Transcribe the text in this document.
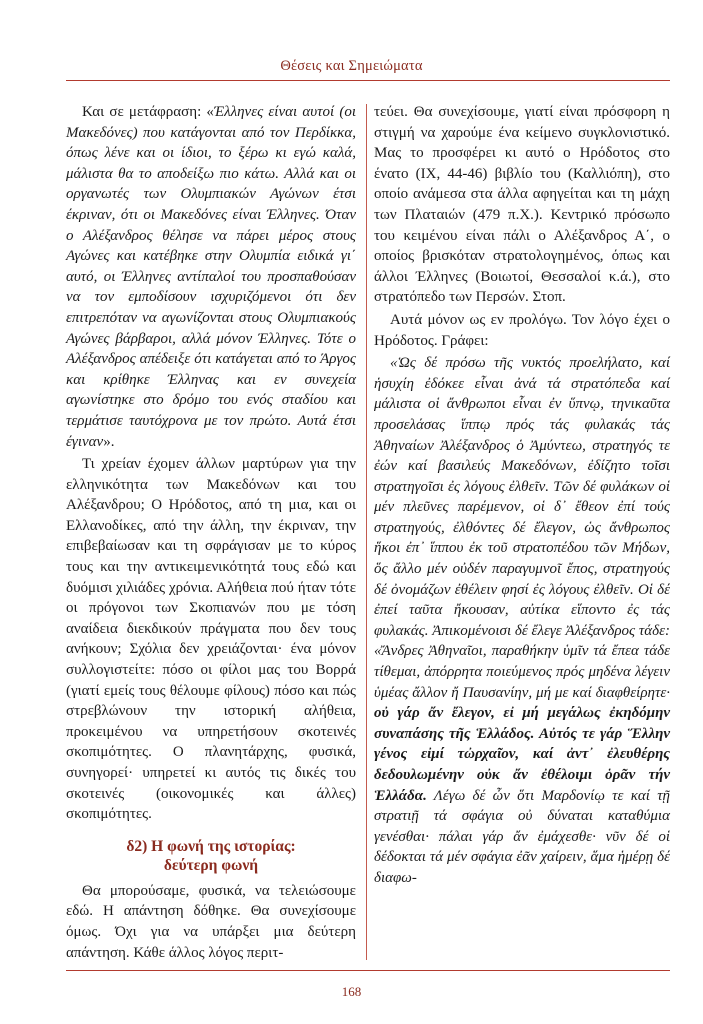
Θέσεις και Σημειώματα

Και σε μετάφραση: «Έλληνες είναι αυτοί (οι Μακεδόνες) που κατάγονται από τον Περδίκκα, όπως λένε και οι ίδιοι, το ξέρω κι εγώ καλά, μάλιστα θα το αποδείξω πιο κάτω. Αλλά και οι οργανωτές των Ολυμπιακών Αγώνων έτσι έκριναν, ότι οι Μακεδόνες είναι Έλληνες. Όταν ο Αλέξανδρος θέλησε να πάρει μέρος στους Αγώνες και κατέβηκε στην Ολυμπία ειδικά γι΄ αυτό, οι Έλληνες αντίπαλοί του προσπαθούσαν να τον εμποδίσουν ισχυριζόμενοι ότι δεν επιτρεπόταν να αγωνίζονται στους Ολυμπιακούς Αγώνες βάρβαροι, αλλά μόνον Έλληνες. Τότε ο Αλέξανδρος απέδειξε ότι κατάγεται από το Άργος και κρίθηκε Έλληνας και εν συνεχεία αγωνίστηκε στο δρόμο του ενός σταδίου και τερμάτισε ταυτόχρονα με τον πρώτο. Αυτά έτσι έγιναν».

Τι χρείαν έχομεν άλλων μαρτύρων για την ελληνικότητα των Μακεδόνων και του Αλέξανδρου; Ο Ηρόδοτος, από τη μια, και οι Ελλανοδίκες, από την άλλη, την έκριναν, την επιβεβαίωσαν και τη σφράγισαν με το κύρος τους και την αντικειμενικότητά τους εδώ και δυόμισι χιλιάδες χρόνια. Αλήθεια πού ήταν τότε οι πρόγονοι των Σκοπιανών που με τόση αναίδεια διεκδικούν πράγματα που δεν τους ανήκουν; Σχόλια δεν χρειάζονται· ένα μόνον συλλογιστείτε: πόσο οι φίλοι μας του Βορρά (γιατί εμείς τους θέλουμε φίλους) πόσο και πώς στρεβλώνουν την ιστορική αλήθεια, προκειμένου να υπηρετήσουν σκοτεινές σκοπιμότητες. Ο πλανητάρχης, φυσικά, συνηγορεί· υπηρετεί κι αυτός τις δικές του σκοτεινές (οικονομικές και άλλες) σκοπιμότητες.

δ2) Η φωνή της ιστορίας:
δεύτερη φωνή

Θα μπορούσαμε, φυσικά, να τελειώσουμε εδώ. Η απάντηση δόθηκε. Θα συνεχίσουμε όμως. Όχι για να υπάρξει μια δεύτερη απάντηση. Κάθε άλλος λόγος περιτ-

τεύει. Θα συνεχίσουμε, γιατί είναι πρόσφορη η στιγμή να χαρούμε ένα κείμενο συγκλονιστικό. Μας το προσφέρει κι αυτό ο Ηρόδοτος στο ένατο (IX, 44-46) βιβλίο του (Καλλιόπη), στο οποίο ανάμεσα στα άλλα αφηγείται και τη μάχη των Πλαταιών (479 π.Χ.). Κεντρικό πρόσωπο του κειμένου είναι πάλι ο Αλέξανδρος Α΄, ο οποίος βρισκόταν στρατολογημένος, όπως και άλλοι Έλληνες (Βοιωτοί, Θεσσαλοί κ.ά.), στο στρατόπεδο των Περσών. Στοπ.

Αυτά μόνον ως εν προλόγω. Τον λόγο έχει ο Ηρόδοτος. Γράφει:

«Ὡς δέ πρόσω τῆς νυκτός προελήλατο, καί ἡσυχίη ἐδόκεε εἶναι ἀνά τά στρατόπεδα καί μάλιστα οἱ ἄνθρωποι εἶναι ἐν ὕπνῳ, τηνικαῦτα προσελάσας ἵππῳ πρός τάς φυλακάς τάς Ἀθηναίων Ἀλέξανδρος ὁ Ἀμύντεω, στρατηγός τε ἐών καί βασιλεύς Μακεδόνων, ἐδίζητο τοῖσι στρατηγοῖσι ἐς λόγους ἐλθεῖν. Τῶν δέ φυλάκων οἱ μέν πλεῦνες παρέμενον, οἱ δ᾽ ἔθεον ἐπί τούς στρατηγούς, ἐλθόντες δέ ἔλεγον, ὡς ἄνθρωπος ἥκοι ἐπ᾽ ἵππου ἐκ τοῦ στρατοπέδου τῶν Μήδων, ὅς ἄλλο μέν οὐδέν παραγυμνοῖ ἔπος, στρατηγούς δέ ὀνομάζων ἐθέλειν φησί ἐς λόγους ἐλθεῖν. Οἱ δέ ἐπεί ταῦτα ἤκουσαν, αὐτίκα εἵποντο ἐς τάς φυλακάς. Ἀπικομένοισι δέ ἔλεγε Ἀλέξανδρος τάδε: «Ἄνδρες Ἀθηναῖοι, παραθήκην ὑμῖν τά ἔπεα τάδε τίθεμαι, ἀπόρρητα ποιεύμενος πρός μηδένα λέγειν ὑμέας ἄλλον ἤ Παυσανίην, μή με καί διαφθείρητε· οὐ γάρ ἄν ἔλεγον, εἰ μή μεγάλως ἐκηδόμην συναπάσης τῆς Ἑλλάδος. Αὐτός τε γάρ Ἕλλην γένος εἰμί τὠρχαῖον, καί ἀντ᾽ ἐλευθέρης δεδουλωμένην οὐκ ἄν ἐθέλοιμι ὁρᾶν τήν Ἑλλάδα. Λέγω δέ ὦν ὅτι Μαρδονίῳ τε καί τῇ στρατιῇ τά σφάγια οὐ δύναται καταθύμια γενέσθαι· πάλαι γάρ ἄν ἐμάχεσθε· νῦν δέ οἱ δέδοκται τά μέν σφάγια ἐᾶν χαίρειν, ἅμα ἡμέρῃ δέ διαφω-

168
